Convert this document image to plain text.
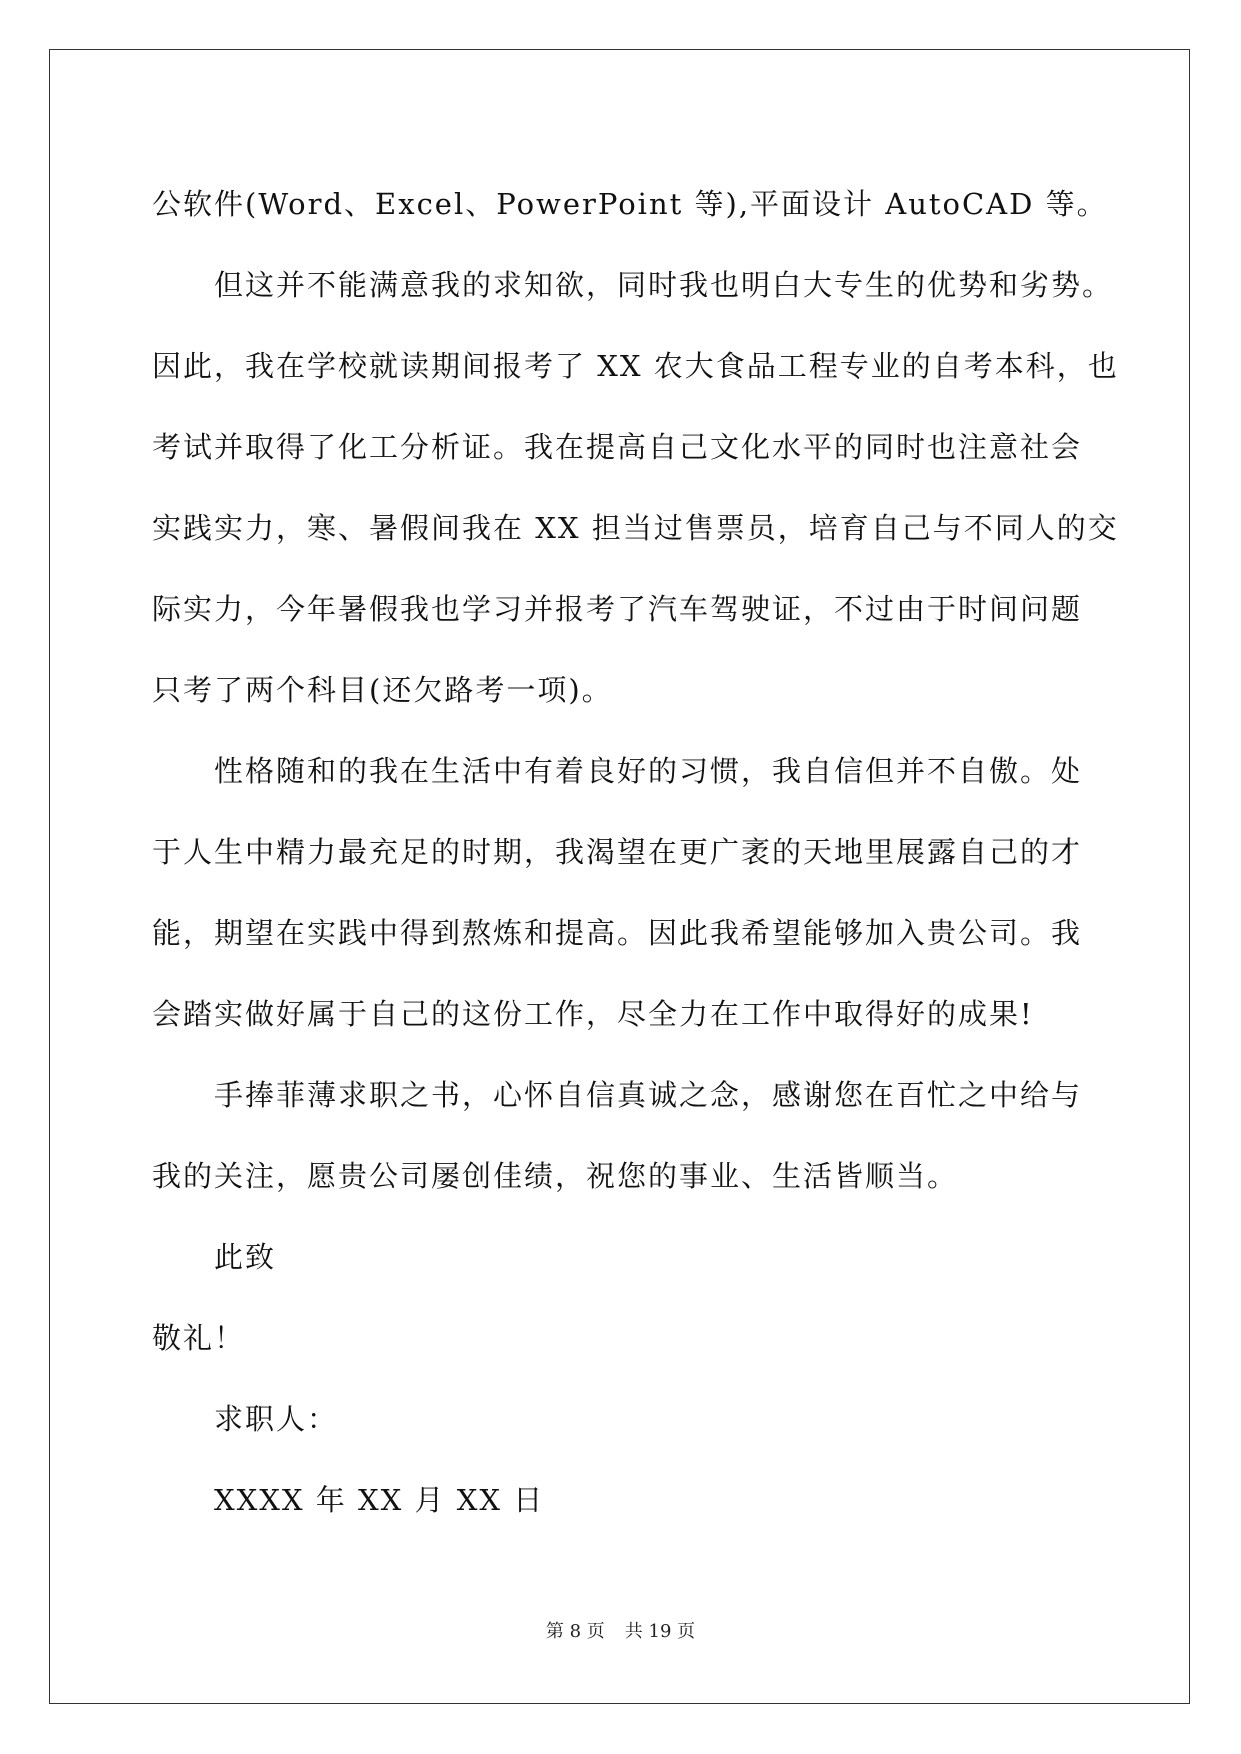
公软件(Word、Excel、PowerPoint 等),平面设计 AutoCAD 等。
但这并不能满意我的求知欲，同时我也明白大专生的优势和劣势。
因此，我在学校就读期间报考了 XX 农大食品工程专业的自考本科，也
考试并取得了化工分析证。我在提高自己文化水平的同时也注意社会
实践实力，寒、暑假间我在 XX 担当过售票员，培育自己与不同人的交
际实力，今年暑假我也学习并报考了汽车驾驶证，不过由于时间问题
只考了两个科目(还欠路考一项)。
性格随和的我在生活中有着良好的习惯，我自信但并不自傲。处
于人生中精力最充足的时期，我渴望在更广袤的天地里展露自己的才
能，期望在实践中得到熬炼和提高。因此我希望能够加入贵公司。我
会踏实做好属于自己的这份工作，尽全力在工作中取得好的成果!
手捧菲薄求职之书，心怀自信真诚之念，感谢您在百忙之中给与
我的关注，愿贵公司屡创佳绩，祝您的事业、生活皆顺当。
此致
敬礼！
求职人：
XXXX 年 XX 月 XX 日
第 8 页 共 19 页
